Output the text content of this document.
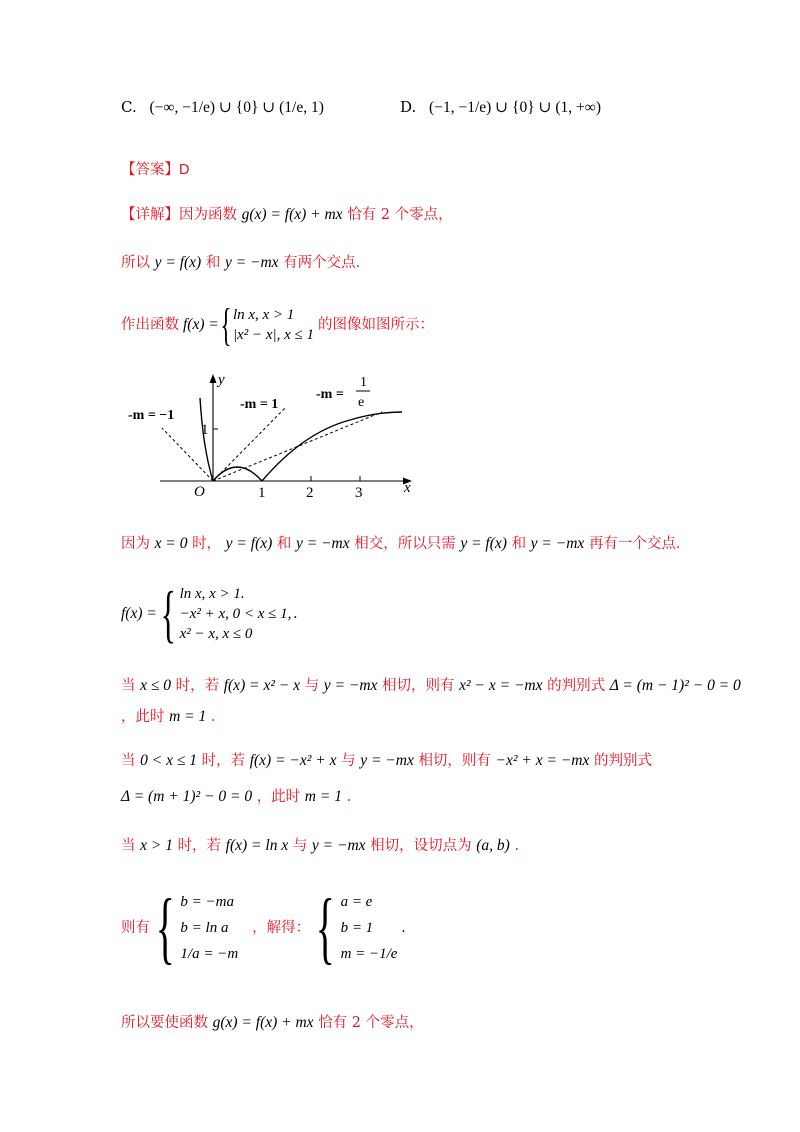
C. (−∞, −1/e) ∪ {0} ∪ (1/e, 1)	D. (−1, −1/e) ∪ {0} ∪ (1, +∞)
【答案】D
【详解】因为函数 g(x) = f(x) + mx 恰有 2 个零点，
所以 y = f(x) 和 y = −mx 有两个交点.
作出函数 f(x) = { ln x, x > 1
|x² − x|, x ≤ 1
的图像如图所示：
y
x
O
1
1	2	3
-m = −1
-m = 1
-m =
1
e
因为 x = 0 时， y = f(x) 和 y = −mx 相交，所以只需 y = f(x) 和 y = −mx 再有一个交点.
f(x) = { ln x, x > 1.
−x² + x, 0 < x ≤ 1,
x² − x, x ≤ 0
.
当 x ≤ 0 时，若 f(x) = x² − x 与 y = −mx 相切，则有 x² − x = −mx 的判别式 Δ = (m − 1)² − 0 = 0
，此时 m = 1 .
当 0 < x ≤ 1 时，若 f(x) = −x² + x 与 y = −mx 相切，则有 −x² + x = −mx 的判别式
Δ = (m + 1)² − 0 = 0 ，此时 m = 1 .
当 x > 1 时，若 f(x) = ln x 与 y = −mx 相切，设切点为 (a, b) .
则有 { b = −ma
b = ln a
1/a = −m
，解得： { a = e
b = 1
m = −1/e
.
所以要使函数 g(x) = f(x) + mx 恰有 2 个零点，
